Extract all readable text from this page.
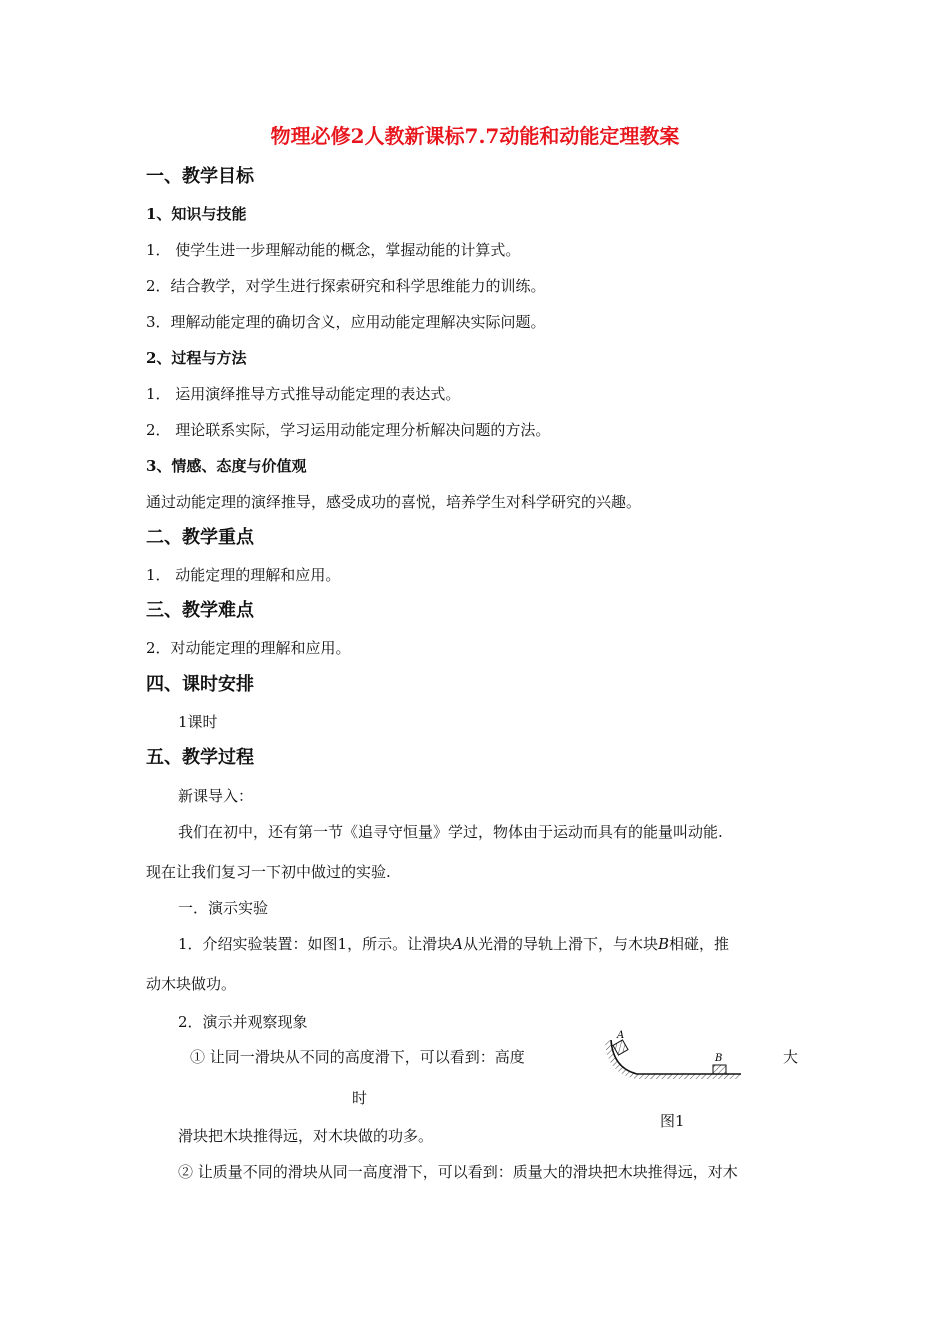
物理必修2人教新课标7.7动能和动能定理教案
一、教学目标
1、知识与技能
1． 使学生进一步理解动能的概念，掌握动能的计算式。
2．结合教学，对学生进行探索研究和科学思维能力的训练。
3．理解动能定理的确切含义，应用动能定理解决实际问题。
2、过程与方法
1． 运用演绎推导方式推导动能定理的表达式。
2． 理论联系实际，学习运用动能定理分析解决问题的方法。
3、情感、态度与价值观
通过动能定理的演绎推导，感受成功的喜悦，培养学生对科学研究的兴趣。
二、教学重点
1． 动能定理的理解和应用。
三、教学难点
2．对动能定理的理解和应用。
四、课时安排
1课时
五、教学过程
新课导入：
我们在初中，还有第一节《追寻守恒量》学过，物体由于运动而具有的能量叫动能.
现在让我们复习一下初中做过的实验.
一．演示实验
1．介绍实验装置：如图1，所示。让滑块A从光滑的导轨上滑下，与木块B相碰，推
动木块做功。
2．演示并观察现象
① 让同一滑块从不同的高度滑下，可以看到：高度	大
时
滑块把木块推得远，对木块做的功多。
② 让质量不同的滑块从同一高度滑下，可以看到：质量大的滑块把木块推得远，对木
A
B
图1
